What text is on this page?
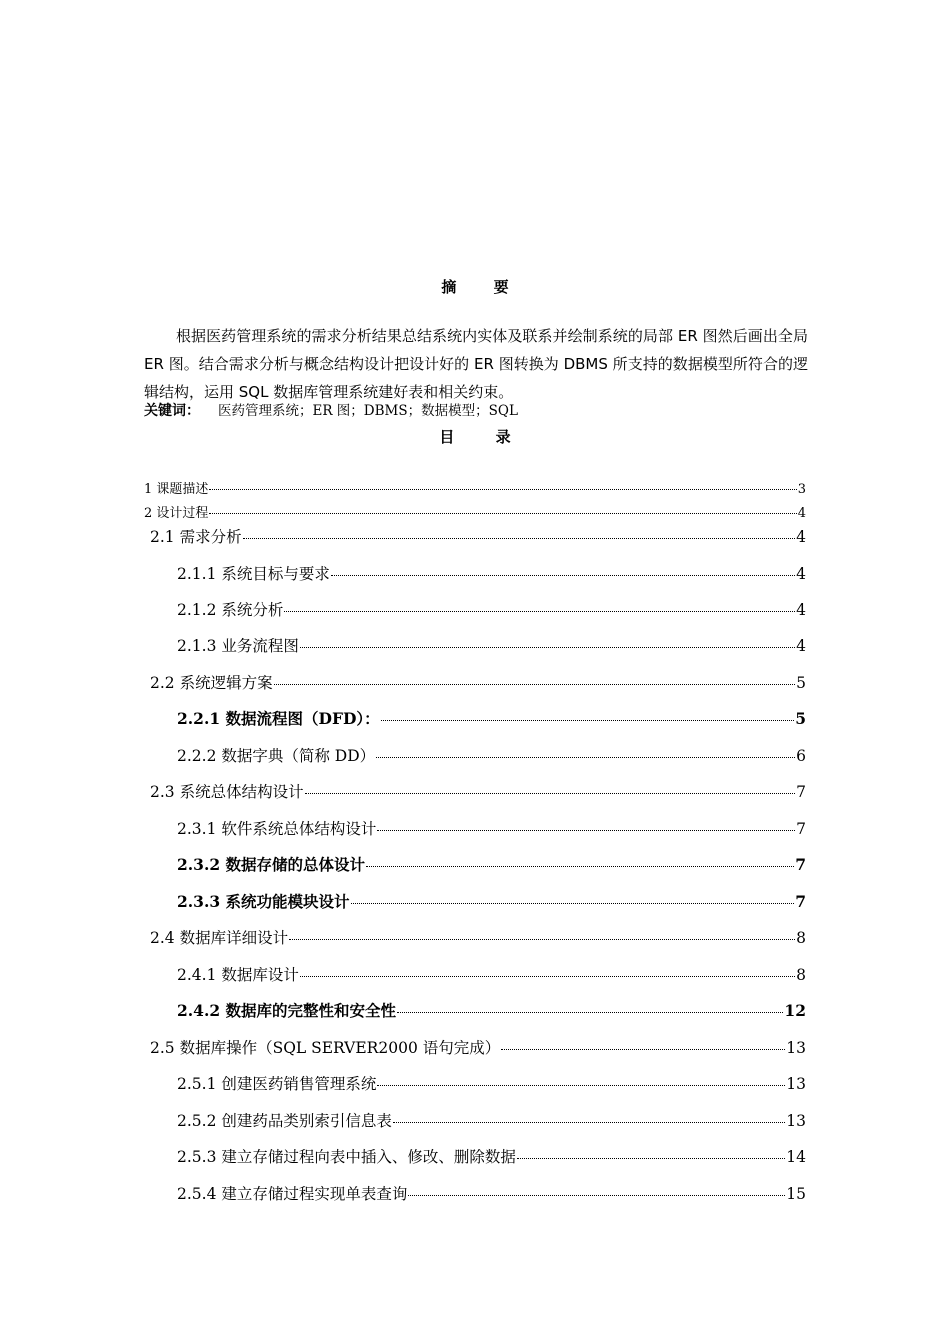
摘 要
根据医药管理系统的需求分析结果总结系统内实体及联系并绘制系统的局部 ER 图然后画出全局 ER 图。结合需求分析与概念结构设计把设计好的 ER 图转换为 DBMS 所支持的数据模型所符合的逻辑结构，运用 SQL 数据库管理系统建好表和相关约束。
关键词： 医药管理系统；ER 图；DBMS；数据模型；SQL
目 录
1 课题描述	3
2 设计过程	4
2.1 需求分析	4
2.1.1 系统目标与要求	4
2.1.2 系统分析	4
2.1.3 业务流程图	4
2.2 系统逻辑方案	5
2.2.1 数据流程图（DFD）：	5
2.2.2 数据字典（简称 DD）	6
2.3 系统总体结构设计	7
2.3.1 软件系统总体结构设计	7
2.3.2 数据存储的总体设计	7
2.3.3 系统功能模块设计	7
2.4 数据库详细设计	8
2.4.1 数据库设计	8
2.4.2 数据库的完整性和安全性	12
2.5 数据库操作（SQL SERVER2000 语句完成）	13
2.5.1 创建医药销售管理系统	13
2.5.2 创建药品类别索引信息表	13
2.5.3 建立存储过程向表中插入、修改、删除数据	14
2.5.4 建立存储过程实现单表查询	15
